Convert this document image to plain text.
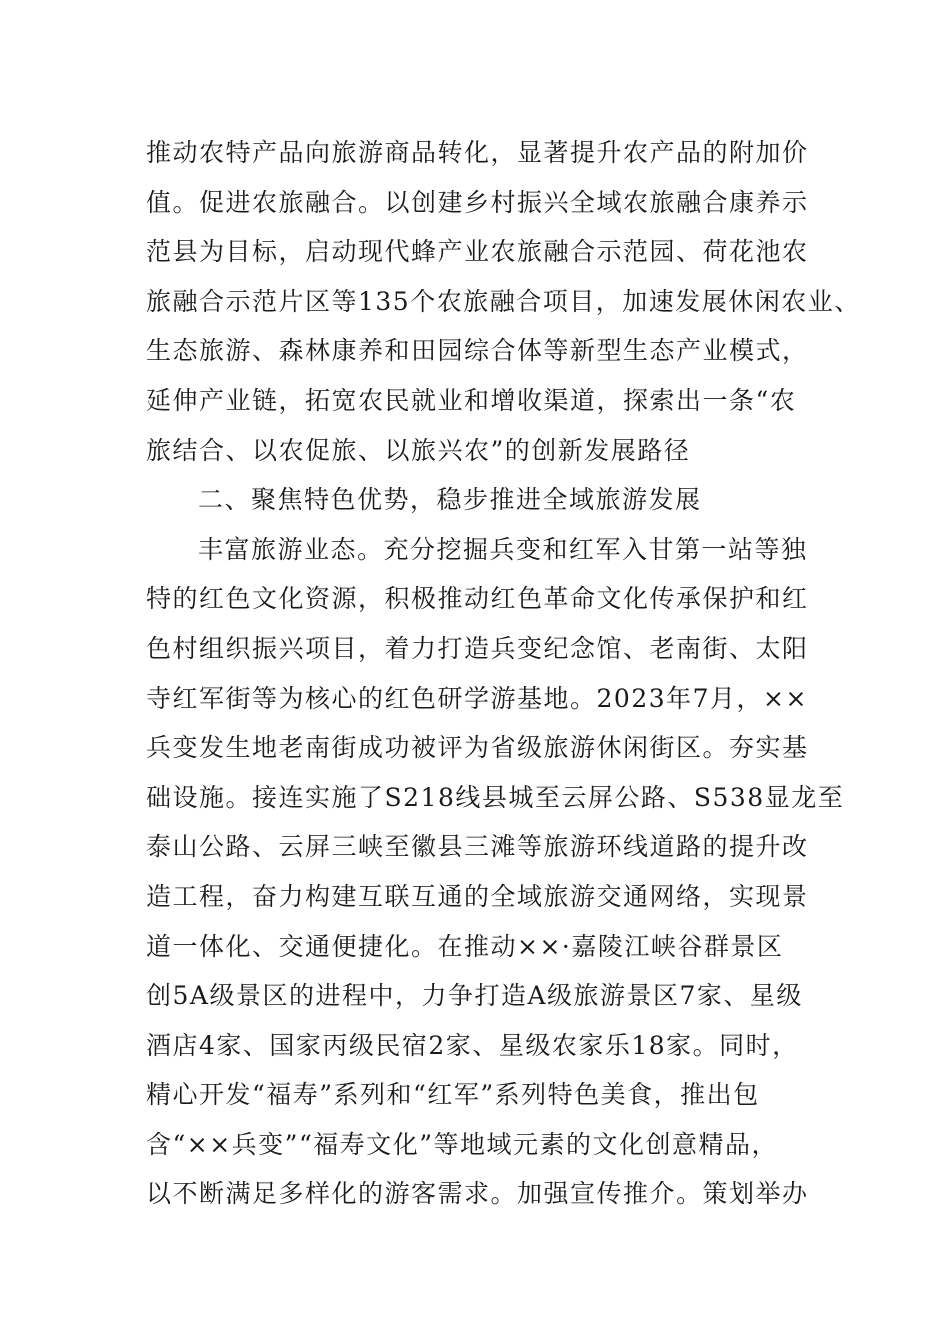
推动农特产品向旅游商品转化，显著提升农产品的附加价
值。促进农旅融合。以创建乡村振兴全域农旅融合康养示
范县为目标，启动现代蜂产业农旅融合示范园、荷花池农
旅融合示范片区等135个农旅融合项目，加速发展休闲农业、
生态旅游、森林康养和田园综合体等新型生态产业模式，
延伸产业链，拓宽农民就业和增收渠道，探索出一条“农
旅结合、以农促旅、以旅兴农”的创新发展路径
二、聚焦特色优势，稳步推进全域旅游发展
丰富旅游业态。充分挖掘兵变和红军入甘第一站等独
特的红色文化资源，积极推动红色革命文化传承保护和红
色村组织振兴项目，着力打造兵变纪念馆、老南街、太阳
寺红军街等为核心的红色研学游基地。2023年7月，××
兵变发生地老南街成功被评为省级旅游休闲街区。夯实基
础设施。接连实施了S218线县城至云屏公路、S538显龙至
泰山公路、云屏三峡至徽县三滩等旅游环线道路的提升改
造工程，奋力构建互联互通的全域旅游交通网络，实现景
道一体化、交通便捷化。在推动××·嘉陵江峡谷群景区
创5A级景区的进程中，力争打造A级旅游景区7家、星级
酒店4家、国家丙级民宿2家、星级农家乐18家。同时，
精心开发“福寿”系列和“红军”系列特色美食，推出包
含“××兵变”“福寿文化”等地域元素的文化创意精品，
以不断满足多样化的游客需求。加强宣传推介。策划举办
